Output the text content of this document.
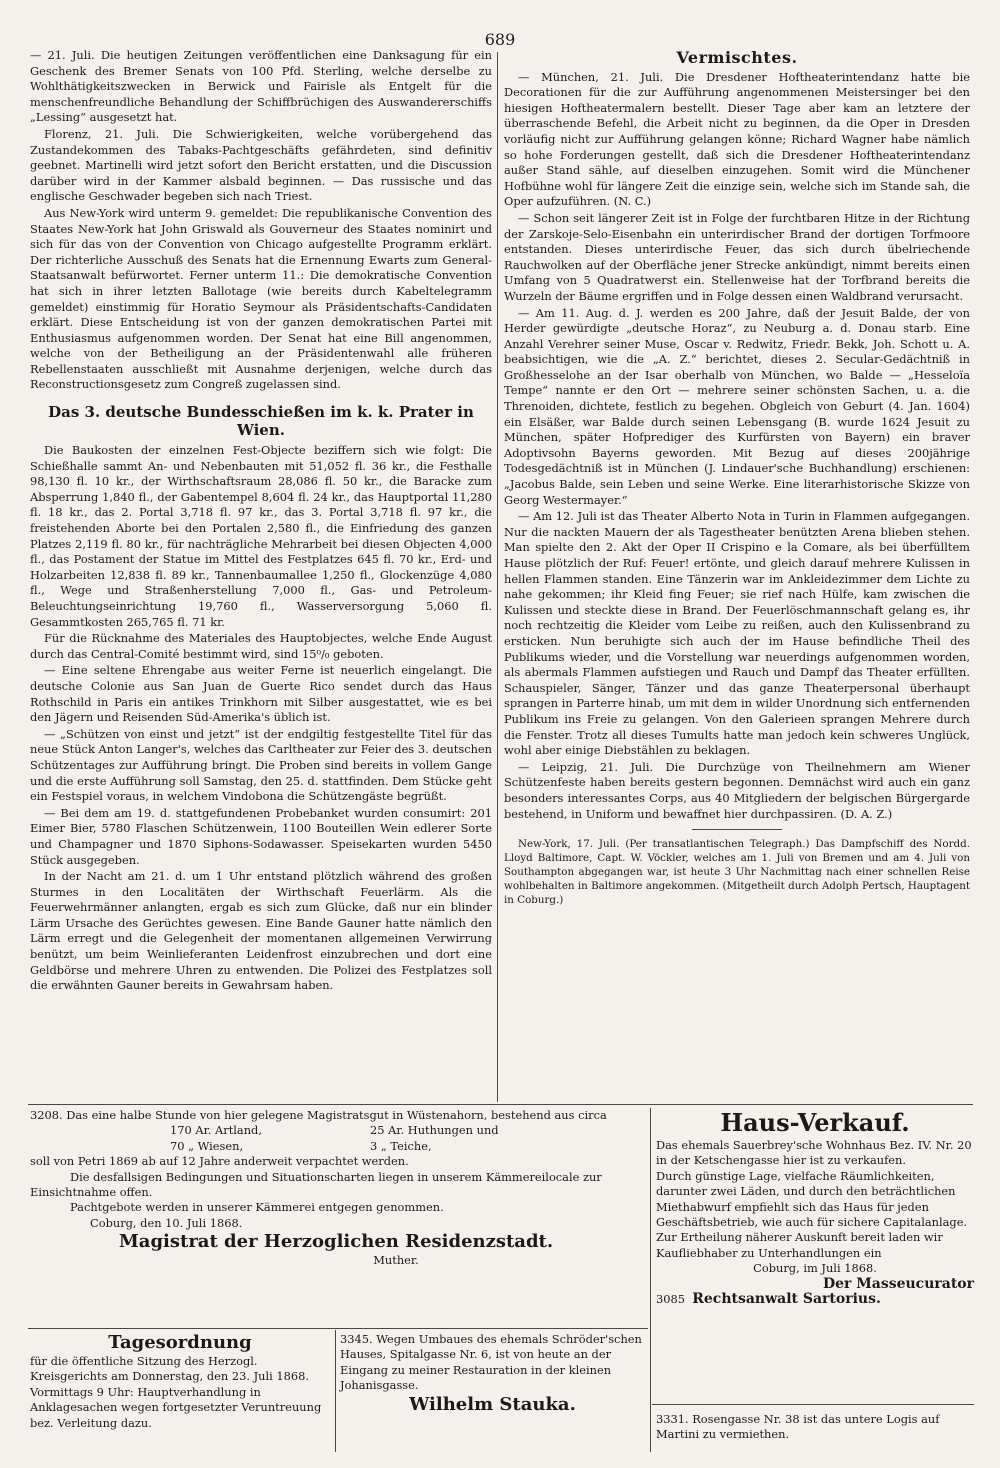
689

— 21. Juli. Die heutigen Zeitungen veröffentlichen eine Danksagung für ein Geschenk des Bremer Senats von 100 Pfd. Sterling, welche derselbe zu Wohlthätigkeitszwecken in Berwick und Fairisle als Entgelt für die menschenfreundliche Behandlung der Schiffbrüchigen des Auswandererschiffs „Lessing“ ausgesetzt hat.

Florenz, 21. Juli. Die Schwierigkeiten, welche vorübergehend das Zustandekommen des Tabaks-Pachtgeschäfts gefährdeten, sind definitiv geebnet. Martinelli wird jetzt sofort den Bericht erstatten, und die Discussion darüber wird in der Kammer alsbald beginnen. — Das russische und das englische Geschwader begeben sich nach Triest.

Aus New-York wird unterm 9. gemeldet: Die republikanische Convention des Staates New-York hat John Griswald als Gouverneur des Staates nominirt und sich für das von der Convention von Chicago aufgestellte Programm erklärt. Der richterliche Ausschuß des Senats hat die Ernennung Ewarts zum General-Staatsanwalt befürwortet. Ferner unterm 11.: Die demokratische Convention hat sich in ihrer letzten Ballotage (wie bereits durch Kabeltelegramm gemeldet) einstimmig für Horatio Seymour als Präsidentschafts-Candidaten erklärt. Diese Entscheidung ist von der ganzen demokratischen Partei mit Enthusiasmus aufgenommen worden. Der Senat hat eine Bill angenommen, welche von der Betheiligung an der Präsidentenwahl alle früheren Rebellenstaaten ausschließt mit Ausnahme derjenigen, welche durch das Reconstructionsgesetz zum Congreß zugelassen sind.

Das 3. deutsche Bundesschießen im k. k. Prater in Wien.

Die Baukosten der einzelnen Fest-Objecte beziffern sich wie folgt: Die Schießhalle sammt An- und Nebenbauten mit 51,052 fl. 36 kr., die Festhalle 98,130 fl. 10 kr., der Wirthschaftsraum 28,086 fl. 50 kr., die Baracke zum Absperrung 1,840 fl., der Gabentempel 8,604 fl. 24 kr., das Hauptportal 11,280 fl. 18 kr., das 2. Portal 3,718 fl. 97 kr., das 3. Portal 3,718 fl. 97 kr., die freistehenden Aborte bei den Portalen 2,580 fl., die Einfriedung des ganzen Platzes 2,119 fl. 80 kr., für nachträgliche Mehrarbeit bei diesen Objecten 4,000 fl., das Postament der Statue im Mittel des Festplatzes 645 fl. 70 kr., Erd- und Holzarbeiten 12,838 fl. 89 kr., Tannenbaumallee 1,250 fl., Glockenzüge 4,080 fl., Wege und Straßenherstellung 7,000 fl., Gas- und Petroleum-Beleuchtungseinrichtung 19,760 fl., Wasserversorgung 5,060 fl. Gesammtkosten 265,765 fl. 71 kr.

Für die Rücknahme des Materiales des Hauptobjectes, welche Ende August durch das Central-Comité bestimmt wird, sind 15⁰/₀ geboten.

— Eine seltene Ehrengabe aus weiter Ferne ist neuerlich eingelangt. Die deutsche Colonie aus San Juan de Guerte Rico sendet durch das Haus Rothschild in Paris ein antikes Trinkhorn mit Silber ausgestattet, wie es bei den Jägern und Reisenden Süd-Amerika's üblich ist.

— „Schützen von einst und jetzt“ ist der endgiltig festgestellte Titel für das neue Stück Anton Langer's, welches das Carltheater zur Feier des 3. deutschen Schützentages zur Aufführung bringt. Die Proben sind bereits in vollem Gange und die erste Aufführung soll Samstag, den 25. d. stattfinden. Dem Stücke geht ein Festspiel voraus, in welchem Vindobona die Schützengäste begrüßt.

— Bei dem am 19. d. stattgefundenen Probebanket wurden consumirt: 201 Eimer Bier, 5780 Flaschen Schützenwein, 1100 Bouteillen Wein edlerer Sorte und Champagner und 1870 Siphons-Sodawasser. Speisekarten wurden 5450 Stück ausgegeben.

In der Nacht am 21. d. um 1 Uhr entstand plötzlich während des großen Sturmes in den Localitäten der Wirthschaft Feuerlärm. Als die Feuerwehrmänner anlangten, ergab es sich zum Glücke, daß nur ein blinder Lärm Ursache des Gerüchtes gewesen. Eine Bande Gauner hatte nämlich den Lärm erregt und die Gelegenheit der momentanen allgemeinen Verwirrung benützt, um beim Weinlieferanten Leidenfrost einzubrechen und dort eine Geldbörse und mehrere Uhren zu entwenden. Die Polizei des Festplatzes soll die erwähnten Gauner bereits in Gewahrsam haben.

Vermischtes.

— München, 21. Juli. Die Dresdener Hoftheaterintendanz hatte bie Decorationen für die zur Aufführung angenommenen Meistersinger bei den hiesigen Hoftheatermalern bestellt. Dieser Tage aber kam an letztere der überraschende Befehl, die Arbeit nicht zu beginnen, da die Oper in Dresden vorläufig nicht zur Aufführung gelangen könne; Richard Wagner habe nämlich so hohe Forderungen gestellt, daß sich die Dresdener Hoftheaterintendanz außer Stand sähle, auf dieselben einzugehen. Somit wird die Münchener Hofbühne wohl für längere Zeit die einzige sein, welche sich im Stande sah, die Oper aufzuführen. (N. C.)

— Schon seit längerer Zeit ist in Folge der furchtbaren Hitze in der Richtung der Zarskoje-Selo-Eisenbahn ein unterirdischer Brand der dortigen Torfmoore entstanden. Dieses unterirdische Feuer, das sich durch übelriechende Rauchwolken auf der Oberfläche jener Strecke ankündigt, nimmt bereits einen Umfang von 5 Quadratwerst ein. Stellenweise hat der Torfbrand bereits die Wurzeln der Bäume ergriffen und in Folge dessen einen Waldbrand verursacht.

— Am 11. Aug. d. J. werden es 200 Jahre, daß der Jesuit Balde, der von Herder gewürdigte „deutsche Horaz“, zu Neuburg a. d. Donau starb. Eine Anzahl Verehrer seiner Muse, Oscar v. Redwitz, Friedr. Bekk, Joh. Schott u. A. beabsichtigen, wie die „A. Z.“ berichtet, dieses 2. Secular-Gedächtniß in Großhesselohe an der Isar oberhalb von München, wo Balde — „Hesseloïa Tempe“ nannte er den Ort — mehrere seiner schönsten Sachen, u. a. die Threnoiden, dichtete, festlich zu begehen. Obgleich von Geburt (4. Jan. 1604) ein Elsäßer, war Balde durch seinen Lebensgang (B. wurde 1624 Jesuit zu München, später Hofprediger des Kurfürsten von Bayern) ein braver Adoptivsohn Bayerns geworden. Mit Bezug auf dieses 200jährige Todesgedächtniß ist in München (J. Lindauer'sche Buchhandlung) erschienen: „Jacobus Balde, sein Leben und seine Werke. Eine literarhistorische Skizze von Georg Westermayer.“

— Am 12. Juli ist das Theater Alberto Nota in Turin in Flammen aufgegangen. Nur die nackten Mauern der als Tagestheater benützten Arena blieben stehen. Man spielte den 2. Akt der Oper II Crispino e la Comare, als bei überfülltem Hause plötzlich der Ruf: Feuer! ertönte, und gleich darauf mehrere Kulissen in hellen Flammen standen. Eine Tänzerin war im Ankleidezimmer dem Lichte zu nahe gekommen; ihr Kleid fing Feuer; sie rief nach Hülfe, kam zwischen die Kulissen und steckte diese in Brand. Der Feuerlöschmannschaft gelang es, ihr noch rechtzeitig die Kleider vom Leibe zu reißen, auch den Kulissenbrand zu ersticken. Nun beruhigte sich auch der im Hause befindliche Theil des Publikums wieder, und die Vorstellung war neuerdings aufgenommen worden, als abermals Flammen aufstiegen und Rauch und Dampf das Theater erfüllten. Schauspieler, Sänger, Tänzer und das ganze Theaterpersonal überhaupt sprangen in Parterre hinab, um mit dem in wilder Unordnung sich entfernenden Publikum ins Freie zu gelangen. Von den Galerieen sprangen Mehrere durch die Fenster. Trotz all dieses Tumults hatte man jedoch kein schweres Unglück, wohl aber einige Diebstählen zu beklagen.

— Leipzig, 21. Juli. Die Durchzüge von Theilnehmern am Wiener Schützenfeste haben bereits gestern begonnen. Demnächst wird auch ein ganz besonders interessantes Corps, aus 40 Mitgliedern der belgischen Bürgergarde bestehend, in Uniform und bewaffnet hier durchpassiren. (D. A. Z.)

New-York, 17. Juli. (Per transatlantischen Telegraph.) Das Dampfschiff des Nordd. Lloyd Baltimore, Capt. W. Vöckler, welches am 1. Juli von Bremen und am 4. Juli von Southampton abgegangen war, ist heute 3 Uhr Nachmittag nach einer schnellen Reise wohlbehalten in Baltimore angekommen. (Mitgetheilt durch Adolph Pertsch, Hauptagent in Coburg.)

3208. Das eine halbe Stunde von hier gelegene Magistratsgut in Wüstenahorn, bestehend aus circa

170 Ar. Artland,	25 Ar. Huthungen und
70 „ Wiesen,	3 „ Teiche,

soll von Petri 1869 ab auf 12 Jahre anderweit verpachtet werden.

Die desfallsigen Bedingungen und Situationscharten liegen in unserem Kämmereilocale zur Einsichtnahme offen.

Pachtgebote werden in unserer Kämmerei entgegen genommen.

Coburg, den 10. Juli 1868.

Magistrat der Herzoglichen Residenzstadt.

Muther.

Tagesordnung

für die öffentliche Sitzung des Herzogl. Kreisgerichts am Donnerstag, den 23. Juli 1868. Vormittags 9 Uhr: Hauptverhandlung in Anklagesachen wegen fortgesetzter Veruntreuung bez. Verleitung dazu.

3345. Wegen Umbaues des ehemals Schröder'schen Hauses, Spitalgasse Nr. 6, ist von heute an der Eingang zu meiner Restauration in der kleinen Johanisgasse.

Wilhelm Stauka.

Haus-Verkauf.

Das ehemals Sauerbrey'sche Wohnhaus Bez. IV. Nr. 20 in der Ketschengasse hier ist zu verkaufen.

Durch günstige Lage, vielfache Räumlichkeiten, darunter zwei Läden, und durch den beträchtlichen Miethabwurf empfiehlt sich das Haus für jeden Geschäftsbetrieb, wie auch für sichere Capitalanlage.

Zur Ertheilung näherer Auskunft bereit laden wir Kaufliebhaber zu Unterhandlungen ein

Coburg, im Juli 1868.

Der Masseucurator

3085 Rechtsanwalt Sartorius.

3331. Rosengasse Nr. 38 ist das untere Logis auf Martini zu vermiethen.
